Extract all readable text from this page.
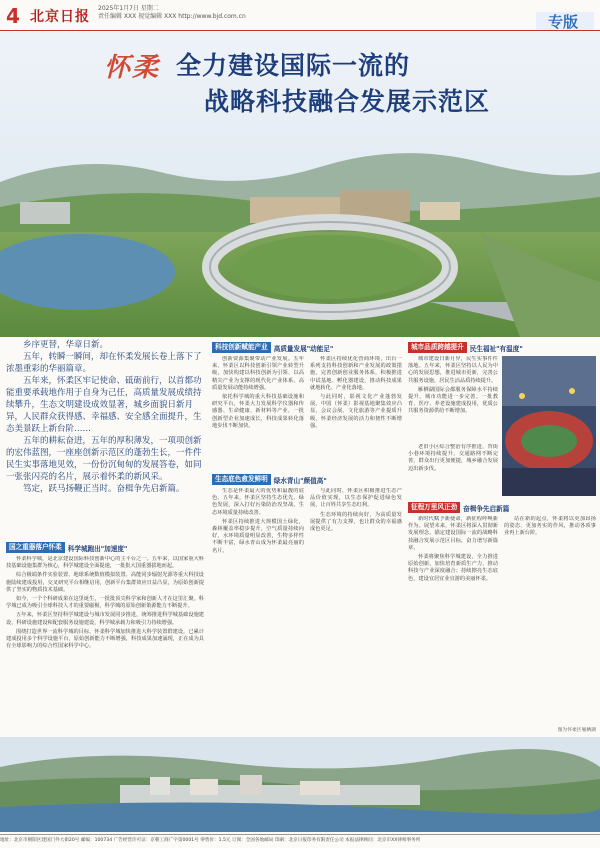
4 北京日报
2025年1月7日 星期二
责任编辑 XXX 视觉编辑 XXX http://www.bjd.com.cn	专版
怀柔 全力建设国际一流的
战略科技融合发展示范区

乡序更替，华章日新。

五年，转瞬一瞬间，却在怀柔发展长卷上落下了浓墨重彩的华丽篇章。

五年来，怀柔区牢记使命、砥砺前行，以首都功能重要承载地作用于自身为己任，高质量发展成绩持续攀升，生态文明建设成效显著，城乡面貌日新月异，人民群众获得感、幸福感、安全感全面提升，生态美景跃上新台阶……

五年的耕耘奋进，五年的厚积薄发，一项项创新的宏伟蓝图，一座座创新示范区的蓬勃生长，一件件民生实事落地见效，一份份沉甸甸的发展答卷，如同一张张闪亮的名片，展示着怀柔的新风采。

笃定，跃马扬鞭正当时。奋楫争先启新篇。

国之重器落户怀柔 科学城跑出"加速度"

怀柔科学城，是北京建设国际科技创新中心的主平台之一。五年来，以国家重大科技基础设施集群为核心，科学城建设全面提速，一批批大国重器拔地而起。

综合极端条件实验装置、地球系统数值模拟装置、高能同步辐射光源等重大科技设施陆续建成投用，交叉研究平台相继启用，创新平台集群效应日益凸显，为原始创新提供了坚实的物质技术基础。

如今，一个个科研成果在这里诞生，一批批顶尖科学家和创新人才在这里汇聚。科学城已成为吸引全球科技人才的重要磁极，科学城的原始创新策源能力不断提升。

五年来，怀柔区坚持科学城建设与城市发展同步推进，统筹推进科学城基础设施建设、科研设施建设和配套服务设施建设，科学城承载力和吸引力持续增强。

围绕打造世界一流科学城的目标，怀柔科学城加快推进大科学装置群建设，已累计建成投用多个科学设施平台，原始创新能力不断增强，科技成果加速涌现，正在成为具有全球影响力的综合性国家科学中心。

科技创新赋能产业 高质量发展"动能足"

创新资源集聚带动产业发展。五年来，怀柔区以科技创新引领产业转型升级，加快构建以科技创新为引领、以高精尖产业为支撑的现代化产业体系，高质量发展动能持续增强。

依托科学城的重大科技基础设施和研究平台，怀柔大力发展科学仪器和传感器、生命健康、新材料等产业，一批创新型企业加速成长，科技成果转化落地步伐不断加快。

怀柔区持续优化营商环境，出台一系列支持科技创新和产业发展的政策措施，完善创新创业服务体系，积极推进中试基地、孵化器建设，推动科技成果就地转化、产业化落地。

与此同时，影视文化产业蓬勃发展，中国（怀柔）影视基地聚集效应凸显，会议会展、文化旅游等产业提质升级，怀柔经济发展的活力和韧性不断增强。

生态底色愈发鲜明 绿水青山"颜值高"

生态是怀柔最大的优势和最靓的底色。五年来，怀柔区坚持生态优先、绿色发展，深入打好污染防治攻坚战，生态环境质量持续改善。

怀柔区持续推进大规模国土绿化，森林覆盖率稳步提升，空气质量持续向好，水环境质量明显改善，生物多样性不断丰富，绿水青山成为怀柔最亮丽的名片。

与此同时，怀柔区积极推进生态产品价值实现，以生态保护促进绿色发展，让百姓共享生态红利。

生态环境的持续向好，为高质量发展提供了有力支撑，也让群众的幸福感成色更足。

城市品质跨越提升 民生福祉"有温度"

城市建设日新月异，民生实事件件落地。五年来，怀柔区坚持以人民为中心的发展思想，推进城市更新，完善公共服务设施，居民生活品质持续提升。

雁栖湖国际会都服务保障水平持续提升，城市功能进一步完善。一批教育、医疗、养老设施建成投用，优质公共服务资源供给不断增加。

老旧小区综合整治有序推进，背街小巷环境持续提升，交通路网不断完善，群众出行更加便捷，城乡融合发展迈出新步伐。

征程万里风正劲 奋楫争先启新篇

新时代赋予新使命，新征程呼唤新作为。展望未来，怀柔区将深入贯彻新发展理念，锚定建设国际一流的战略科技融合发展示范区目标，奋力谱写新篇章。

怀柔将聚焦科学城建设，全力推进原始创新，加快培育新质生产力，推动科技与产业深度融合；持续擦亮生态底色，建设宜居宜业宜游的美丽怀柔。

站在新的起点，怀柔将以更加昂扬的姿态、更加务实的作风，推动各项事业再上新台阶。

图为怀柔区雁栖湖
地址：北京市朝阳区建国门外大街20号 邮编：100734 广告经营许可证：京朝工商广字第0001号 零售价：1.5元 订阅：全国各地邮局 印刷：北京日报印务有限责任公司 本报法律顾问：北京市XX律师事务所
